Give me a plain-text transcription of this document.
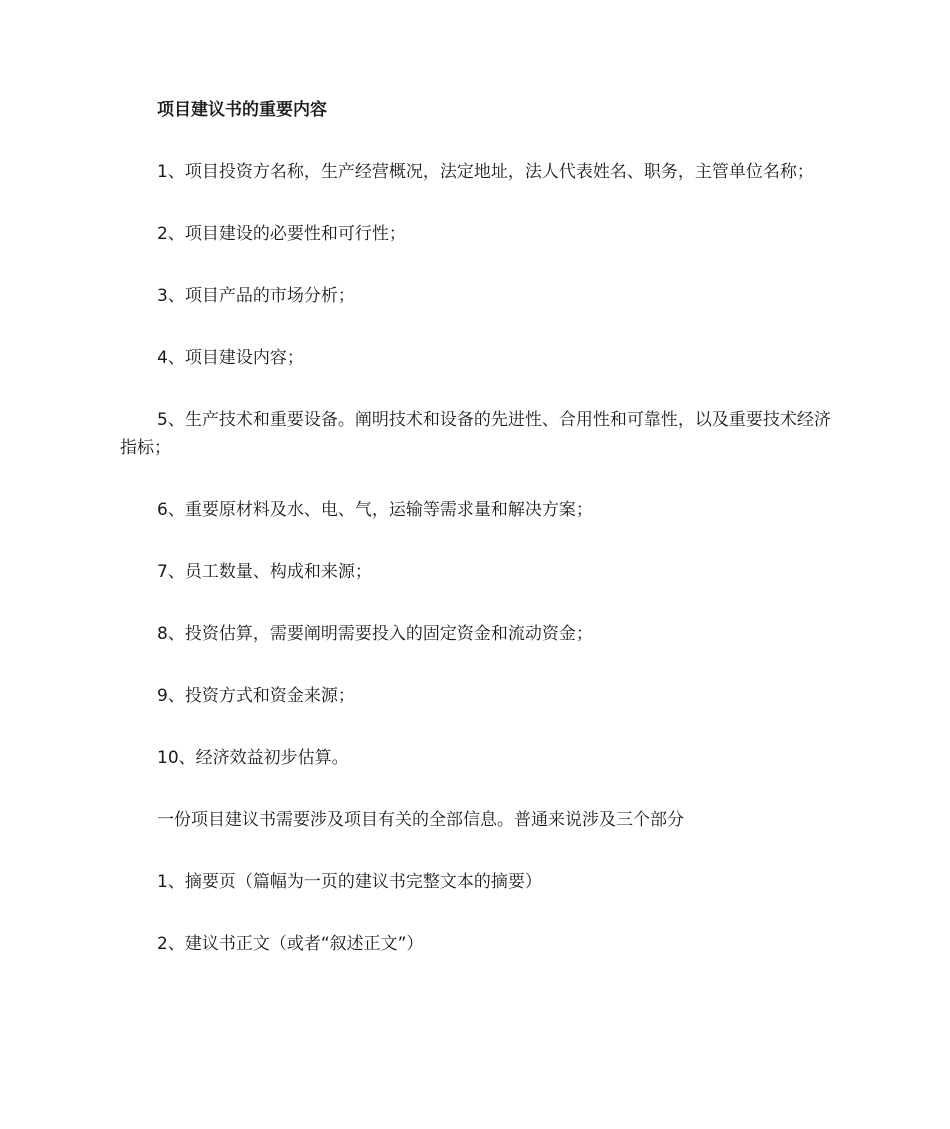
项目建议书的重要内容

1、项目投资方名称，生产经营概况，法定地址，法人代表姓名、职务，主管单位名称；

2、项目建设的必要性和可行性；

3、项目产品的市场分析；

4、项目建设内容；

5、生产技术和重要设备。阐明技术和设备的先进性、合用性和可靠性，以及重要技术经济指标；

6、重要原材料及水、电、气，运输等需求量和解决方案；

7、员工数量、构成和来源；

8、投资估算，需要阐明需要投入的固定资金和流动资金；

9、投资方式和资金来源；

10、经济效益初步估算。

一份项目建议书需要涉及项目有关的全部信息。普通来说涉及三个部分

1、摘要页（篇幅为一页的建议书完整文本的摘要）

2、建议书正文（或者“叙述正文”）
